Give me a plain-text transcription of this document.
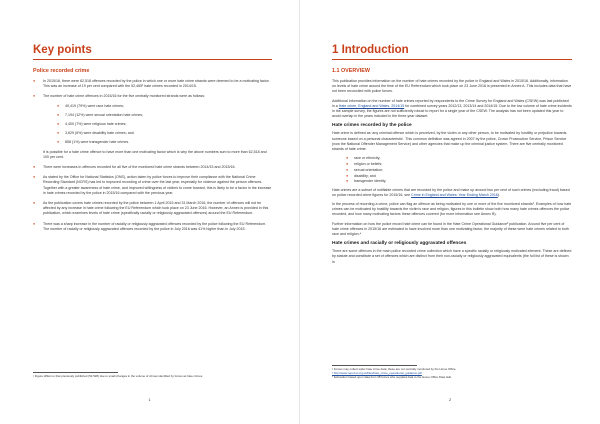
Key points
Police recorded crime
● In 2015/16, there were 62,518 offences recorded by the police in which one or more hate crime strands were deemed to be a motivating factor. This was an increase of 19 per cent compared with the 52,465¹ hate crimes recorded in 2014/15.
● The number of hate crime offences in 2015/16 for the five centrally monitored strands were as follows:
● 49,419 (79%) were race hate crimes;
● 7,194 (12%) were sexual orientation hate crimes;
● 4,400 (7%) were religious hate crimes;
● 3,629 (6%) were disability hate crimes; and
● 858 (1%) were transgender hate crimes.
It is possible for a hate crime offence to have more than one motivating factor which is why the above numbers sum to more than 62,518 and 100 per cent.
● There were increases in offences recorded for all five of the monitored hate crime strands between 2014/15 and 2015/16.
● As stated by the Office for National Statistics (ONS), action taken by police forces to improve their compliance with the National Crime Recording Standard (NCRS) has led to improved recording of crime over the last year, especially for violence against the person offences. Together with a greater awareness of hate crime, and improved willingness of victims to come forward, this is likely to be a factor in the increase in hate crimes recorded by the police in 2015/16 compared with the previous year.
● As the publication covers hate crimes recorded by the police between 1 April 2015 and 31 March 2016, the number of offences will not be affected by any increase in hate crime following the EU Referendum which took place on 23 June 2016. However, an Annex is provided in this publication, which examines levels of hate crime (specifically racially or religiously aggravated offences) around the EU Referendum.
● There was a sharp increase in the number of racially or religiously aggravated offences recorded by the police following the EU Referendum. The number of racially or religiously aggravated offences recorded by the police in July 2016 was 41% higher than in July 2015.
¹ Figure differs to that previously published (52,528) due to small changes in the volume of crimes identified by forces as hate crimes.
1
1 Introduction
1.1 OVERVIEW

This publication provides information on the number of hate crimes recorded by the police in England and Wales in 2015/16. Additionally, information on levels of hate crime around the time of the EU Referendum which took place on 23 June 2016 is presented in Annex A. This includes data that have not been reconciled with police forces.

Additional information on the number of hate crimes reported by respondents to the Crime Survey for England and Wales (CSEW) was last published in a Hate crime, England and Wales, 2014/15 for combined survey years 2012/13, 2013/14 and 2014/15. Due to the low volume of hate crime incidents in the sample survey, the figures are not sufficiently robust to report for a single year of the CSEW. The analysis has not been updated this year to avoid overlap in the years included in the three-year dataset.

Hate crimes recorded by the police

Hate crime is defined as ‘any criminal offence which is perceived, by the victim or any other person, to be motivated by hostility or prejudice towards someone based on a personal characteristic’. This common definition was agreed in 2007 by the police, Crown Prosecution Service, Prison Service (now the National Offender Management Service) and other agencies that make up the criminal justice system. There are five centrally monitored strands of hate crime:

● race or ethnicity;
● religion or beliefs;
● sexual orientation;
● disability; and
● transgender identity.

Hate crimes are a subset of notifiable crimes that are recorded by the police and make up around two per cent of such crimes (excluding fraud) based on police recorded crime figures for 2015/16, see Crime in England and Wales: Year Ending March 2016).

In the process of recording a crime, police can flag an offence as being motivated by one or more of the five monitored strands². Examples of how hate crimes can be motivated by hostility towards the victim’s race and religion, figures in this bulletin show both how many hate crimes offences the police recorded, and how many motivating factors these offences covered (for more information see Annex B).

Further information on how the police record hate crime can be found in the Hate Crime Operational Guidance³ publication. Around five per cent of hate crime offences in 2015/16 are estimated to have involved more than one motivating factor, the majority of these were hate crimes related to both race and religion.⁴

Hate crimes and racially or religiously aggravated offences

There are some offences in the main police recorded crime collection which have a specific racially or religiously motivated element. These are defined by statute and constitute a set of offences which are distinct from their non-racially or religiously aggravated equivalents (the full list of these is shown in

² Forces may collect wider hate crime data; these are not centrally monitored by the Home Office.
³ http://www.report-it.org.uk/files/hate_crime_operational_guidance.pdf
⁴ Estimation based upon data from 38 forces who supplied data to the Home Office Data Hub.
2
